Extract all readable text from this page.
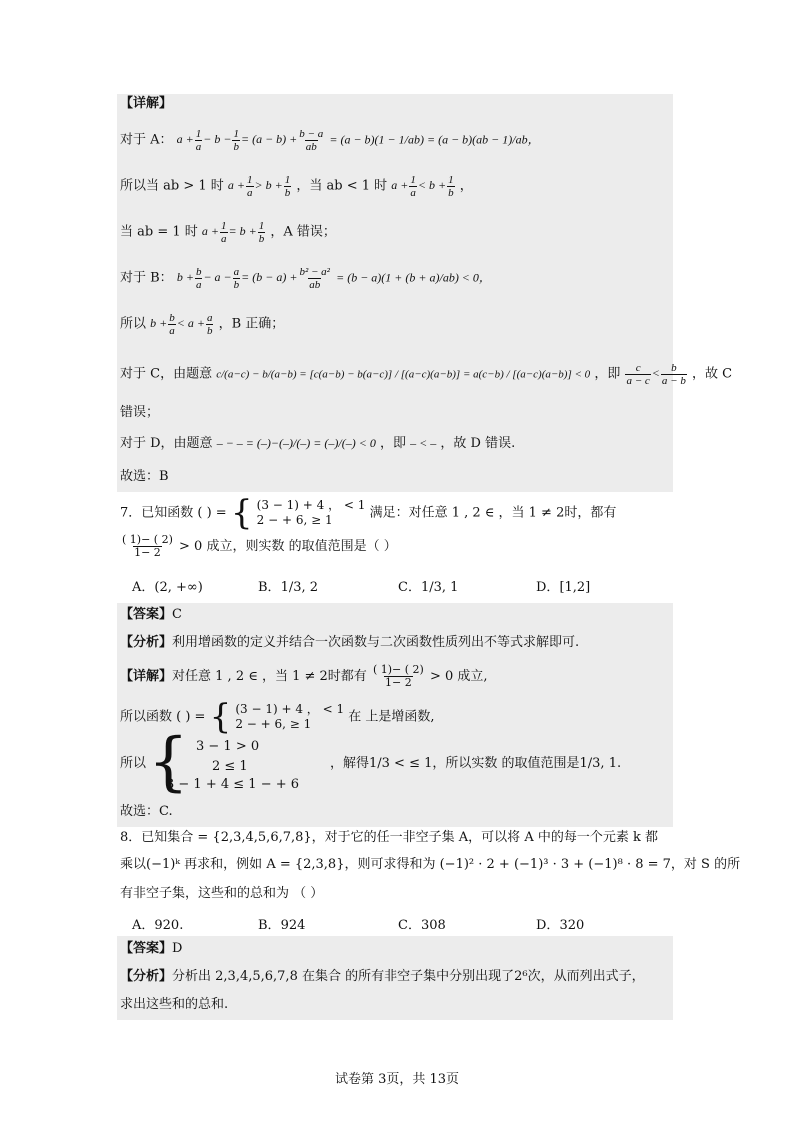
【详解】
对于 A： $a + \frac{1}{a} - b - \frac{1}{b} = (a - b) + \frac{b - a}{ab} = (a - b)(1 - 1/ab) = (a - b)(ab - 1)/ab$，
所以当 ab > 1 时 $a + \frac{1}{a} > b + \frac{1}{b}$ ，当 ab < 1 时 $a + \frac{1}{a} < b + \frac{1}{b}$ ，
当 ab = 1 时 $a + \frac{1}{a} = b + \frac{1}{b}$ ，A 错误；
对于 B： $b + \frac{b}{a} - a - \frac{a}{b} = (b - a) + \frac{\text{b² − a²}}{ab} = (b - a)(1 + (b + a)/ab) < 0$，
所以 $b + \frac{b}{a} < a + \frac{a}{b}$ ，B 正确；
对于 C，由题意 c/(a−c) − b/(a−b) = [c(a−b) − b(a−c)] / [(a−c)(a−b)] = a(c−b) / [(a−c)(a−b)] < 0 ，即 $\frac{c}{a - c} < \frac{b}{a - b}$ ，故 C
错误；
对于 D，由题意 – − – = (–)−(–)/(–) = (–)/(–) < 0 ，即 – < – ，故 D 错误.
故选：B
7．已知函数 ( ) = { (3 − 1) + 4 ， < 1
2 − + 6, ≥ 1	满足：对任意 1 , 2 ∈ ，当 1 ≠ 2时，都有
$\frac{( 1)- ( 2)}{1- 2} > 0$ 成立，则实数 的取值范围是（ ）
A．(2, +∞)	B．1/3, 2	C．1/3, 1	D．[1,2]
【答案】C
【分析】利用增函数的定义并结合一次函数与二次函数性质列出不等式求解即可.
【详解】对任意 1 , 2 ∈ ，当 1 ≠ 2时都有 $\frac{( 1)- ( 2)}{1- 2} > 0$ 成立,
所以函数 ( ) = { (3 − 1) + 4 ， < 1
2 − + 6, ≥ 1	在 上是增函数,
所以 { 3 − 1 > 0
2 ≤ 1
3 − 1 + 4 ≤ 1 − + 6
，解得1/3 < ≤ 1，所以实数 的取值范围是1/3, 1.
故选：C.
8．已知集合 = {2,3,4,5,6,7,8}，对于它的任一非空子集 A，可以将 A 中的每一个元素 k 都
乘以(−1)ᵏ 再求和，例如 A = {2,3,8}，则可求得和为 (−1)² · 2 + (−1)³ · 3 + (−1)⁸ · 8 = 7，对 S 的所
有非空子集，这些和的总和为 （ ）
A．920.	B．924	C．308	D．320
【答案】D
【分析】分析出 2,3,4,5,6,7,8 在集合 的所有非空子集中分别出现了2⁶次，从而列出式子，
求出这些和的总和.
试卷第 3页，共 13页
